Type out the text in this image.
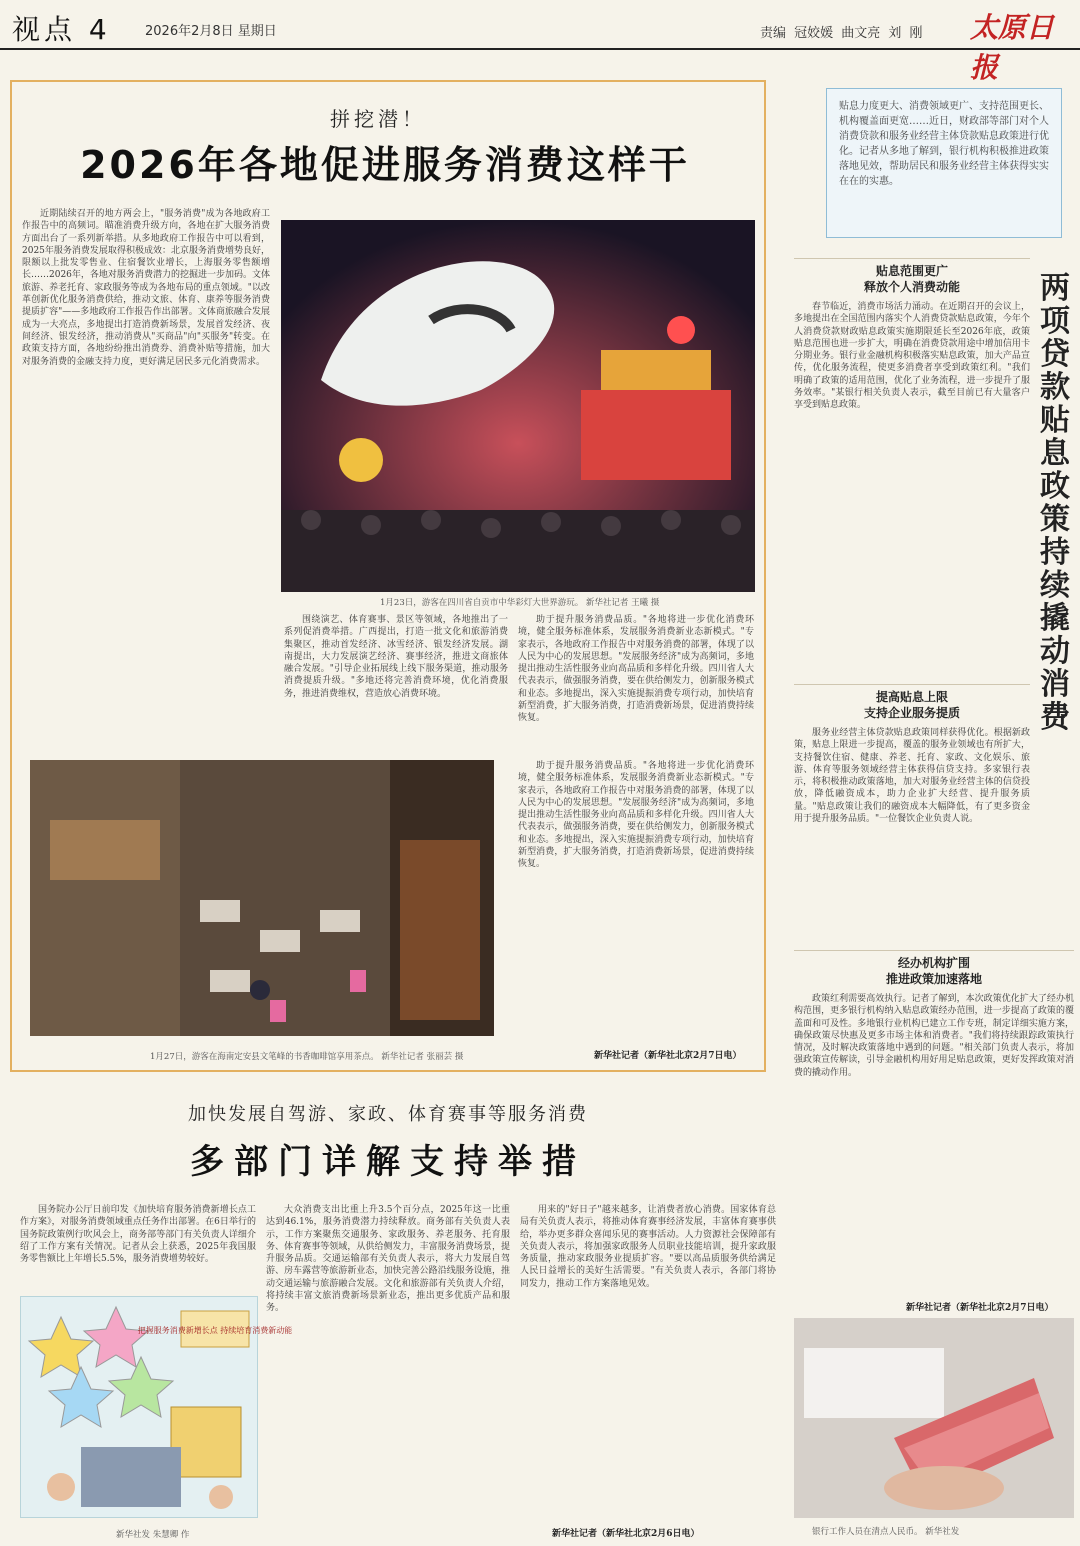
视点 4	2026年2月8日 星期日	责编 冠姣媛 曲文亮 刘 刚 太原日报
拼挖潜！
2026年各地促进服务消费这样干

近期陆续召开的地方两会上，"服务消费"成为各地政府工作报告中的高频词。瞄准消费升级方向，各地在扩大服务消费方面出台了一系列新举措。从多地政府工作报告中可以看到，2025年服务消费发展取得积极成效：北京服务消费增势良好，限额以上批发零售业、住宿餐饮业增长，上海服务零售额增长……2026年，各地对服务消费潜力的挖掘进一步加码。文体旅游、养老托育、家政服务等成为各地布局的重点领域。"以改革创新优化服务消费供给，推动文旅、体育、康养等服务消费提质扩容"——多地政府工作报告作出部署。文体商旅融合发展成为一大亮点，多地提出打造消费新场景，发展首发经济、夜间经济、银发经济，推动消费从"买商品"向"买服务"转变。在政策支持方面，各地纷纷推出消费券、消费补贴等措施，加大对服务消费的金融支持力度，更好满足居民多元化消费需求。

1月23日，游客在四川省自贡市中华彩灯大世界游玩。 新华社记者 王曦 摄

围绕演艺、体育赛事、景区等领域，各地推出了一系列促消费举措。广西提出，打造一批文化和旅游消费集聚区，推动首发经济、冰雪经济、银发经济发展。湖南提出，大力发展演艺经济、赛事经济，推进文商旅体融合发展。"引导企业拓展线上线下服务渠道，推动服务消费提质升级。"多地还将完善消费环境，优化消费服务，推进消费维权，营造放心消费环境。

助于提升服务消费品质。"各地将进一步优化消费环境，健全服务标准体系，发展服务消费新业态新模式。"专家表示，各地政府工作报告中对服务消费的部署，体现了以人民为中心的发展思想。"发展服务经济"成为高频词，多地提出推动生活性服务业向高品质和多样化升级。四川省人大代表表示，做强服务消费，要在供给侧发力，创新服务模式和业态。多地提出，深入实施提振消费专项行动，加快培育新型消费，扩大服务消费，打造消费新场景，促进消费持续恢复。

助于提升服务消费品质。"各地将进一步优化消费环境，健全服务标准体系，发展服务消费新业态新模式。"专家表示，各地政府工作报告中对服务消费的部署，体现了以人民为中心的发展思想。"发展服务经济"成为高频词，多地提出推动生活性服务业向高品质和多样化升级。四川省人大代表表示，做强服务消费，要在供给侧发力，创新服务模式和业态。多地提出，深入实施提振消费专项行动，加快培育新型消费，扩大服务消费，打造消费新场景，促进消费持续恢复。

1月27日，游客在海南定安县文笔峰的书香咖啡馆享用茶点。 新华社记者 张丽芸 摄	新华社记者（新华社北京2月7日电）
贴息力度更大、消费领域更广、支持范围更长、机构覆盖面更宽……近日，财政部等部门对个人消费贷款和服务业经营主体贷款贴息政策进行优化。记者从多地了解到，银行机构积极推进政策落地见效，帮助居民和服务业经营主体获得实实在在的实惠。
两项贷款贴息政策持续撬动消费
贴息范围更广
释放个人消费动能

春节临近，消费市场活力涌动。在近期召开的会议上，多地提出在全国范围内落实个人消费贷款贴息政策，今年个人消费贷款财政贴息政策实施期限延长至2026年底，政策贴息范围也进一步扩大，明确在消费贷款用途中增加信用卡分期业务。银行业金融机构积极落实贴息政策，加大产品宣传，优化服务流程，使更多消费者享受到政策红利。"我们明确了政策的适用范围，优化了业务流程，进一步提升了服务效率。"某银行相关负责人表示，截至目前已有大量客户享受到贴息政策。

提高贴息上限
支持企业服务提质

服务业经营主体贷款贴息政策同样获得优化。根据新政策，贴息上限进一步提高，覆盖的服务业领域也有所扩大，支持餐饮住宿、健康、养老、托育、家政、文化娱乐、旅游、体育等服务领域经营主体获得信贷支持。多家银行表示，将积极推动政策落地，加大对服务业经营主体的信贷投放，降低融资成本，助力企业扩大经营、提升服务质量。"贴息政策让我们的融资成本大幅降低，有了更多资金用于提升服务品质。"一位餐饮企业负责人说。

经办机构扩围
推进政策加速落地

政策红利需要高效执行。记者了解到，本次政策优化扩大了经办机构范围，更多银行机构纳入贴息政策经办范围，进一步提高了政策的覆盖面和可及性。多地银行业机构已建立工作专班，制定详细实施方案，确保政策尽快惠及更多市场主体和消费者。"我们将持续跟踪政策执行情况，及时解决政策落地中遇到的问题。"相关部门负责人表示，将加强政策宣传解读，引导金融机构用好用足贴息政策，更好发挥政策对消费的撬动作用。

新华社记者（新华社北京2月7日电）
银行工作人员在清点人民币。 新华社发
加快发展自驾游、家政、体育赛事等服务消费
多部门详解支持举措

国务院办公厅日前印发《加快培育服务消费新增长点工作方案》，对服务消费领域重点任务作出部署。在6日举行的国务院政策例行吹风会上，商务部等部门有关负责人详细介绍了工作方案有关情况。记者从会上获悉，2025年我国服务零售额比上年增长5.5%，服务消费增势较好。

把握服务消费新增长点 持续培育消费新动能
新华社发 朱慧卿 作

大众消费支出比重上升3.5个百分点，2025年这一比重达到46.1%，服务消费潜力持续释放。商务部有关负责人表示，工作方案聚焦交通服务、家政服务、养老服务、托育服务、体育赛事等领域，从供给侧发力，丰富服务消费场景，提升服务品质。交通运输部有关负责人表示，将大力发展自驾游、房车露营等旅游新业态，加快完善公路沿线服务设施，推动交通运输与旅游融合发展。文化和旅游部有关负责人介绍，将持续丰富文旅消费新场景新业态，推出更多优质产品和服务。

用来的"好日子"越来越多，让消费者放心消费。国家体育总局有关负责人表示，将推动体育赛事经济发展，丰富体育赛事供给，举办更多群众喜闻乐见的赛事活动。人力资源社会保障部有关负责人表示，将加强家政服务人员职业技能培训，提升家政服务质量，推动家政服务业提质扩容。"要以高品质服务供给满足人民日益增长的美好生活需要。"有关负责人表示，各部门将协同发力，推动工作方案落地见效。

新华社记者（新华社北京2月6日电）
